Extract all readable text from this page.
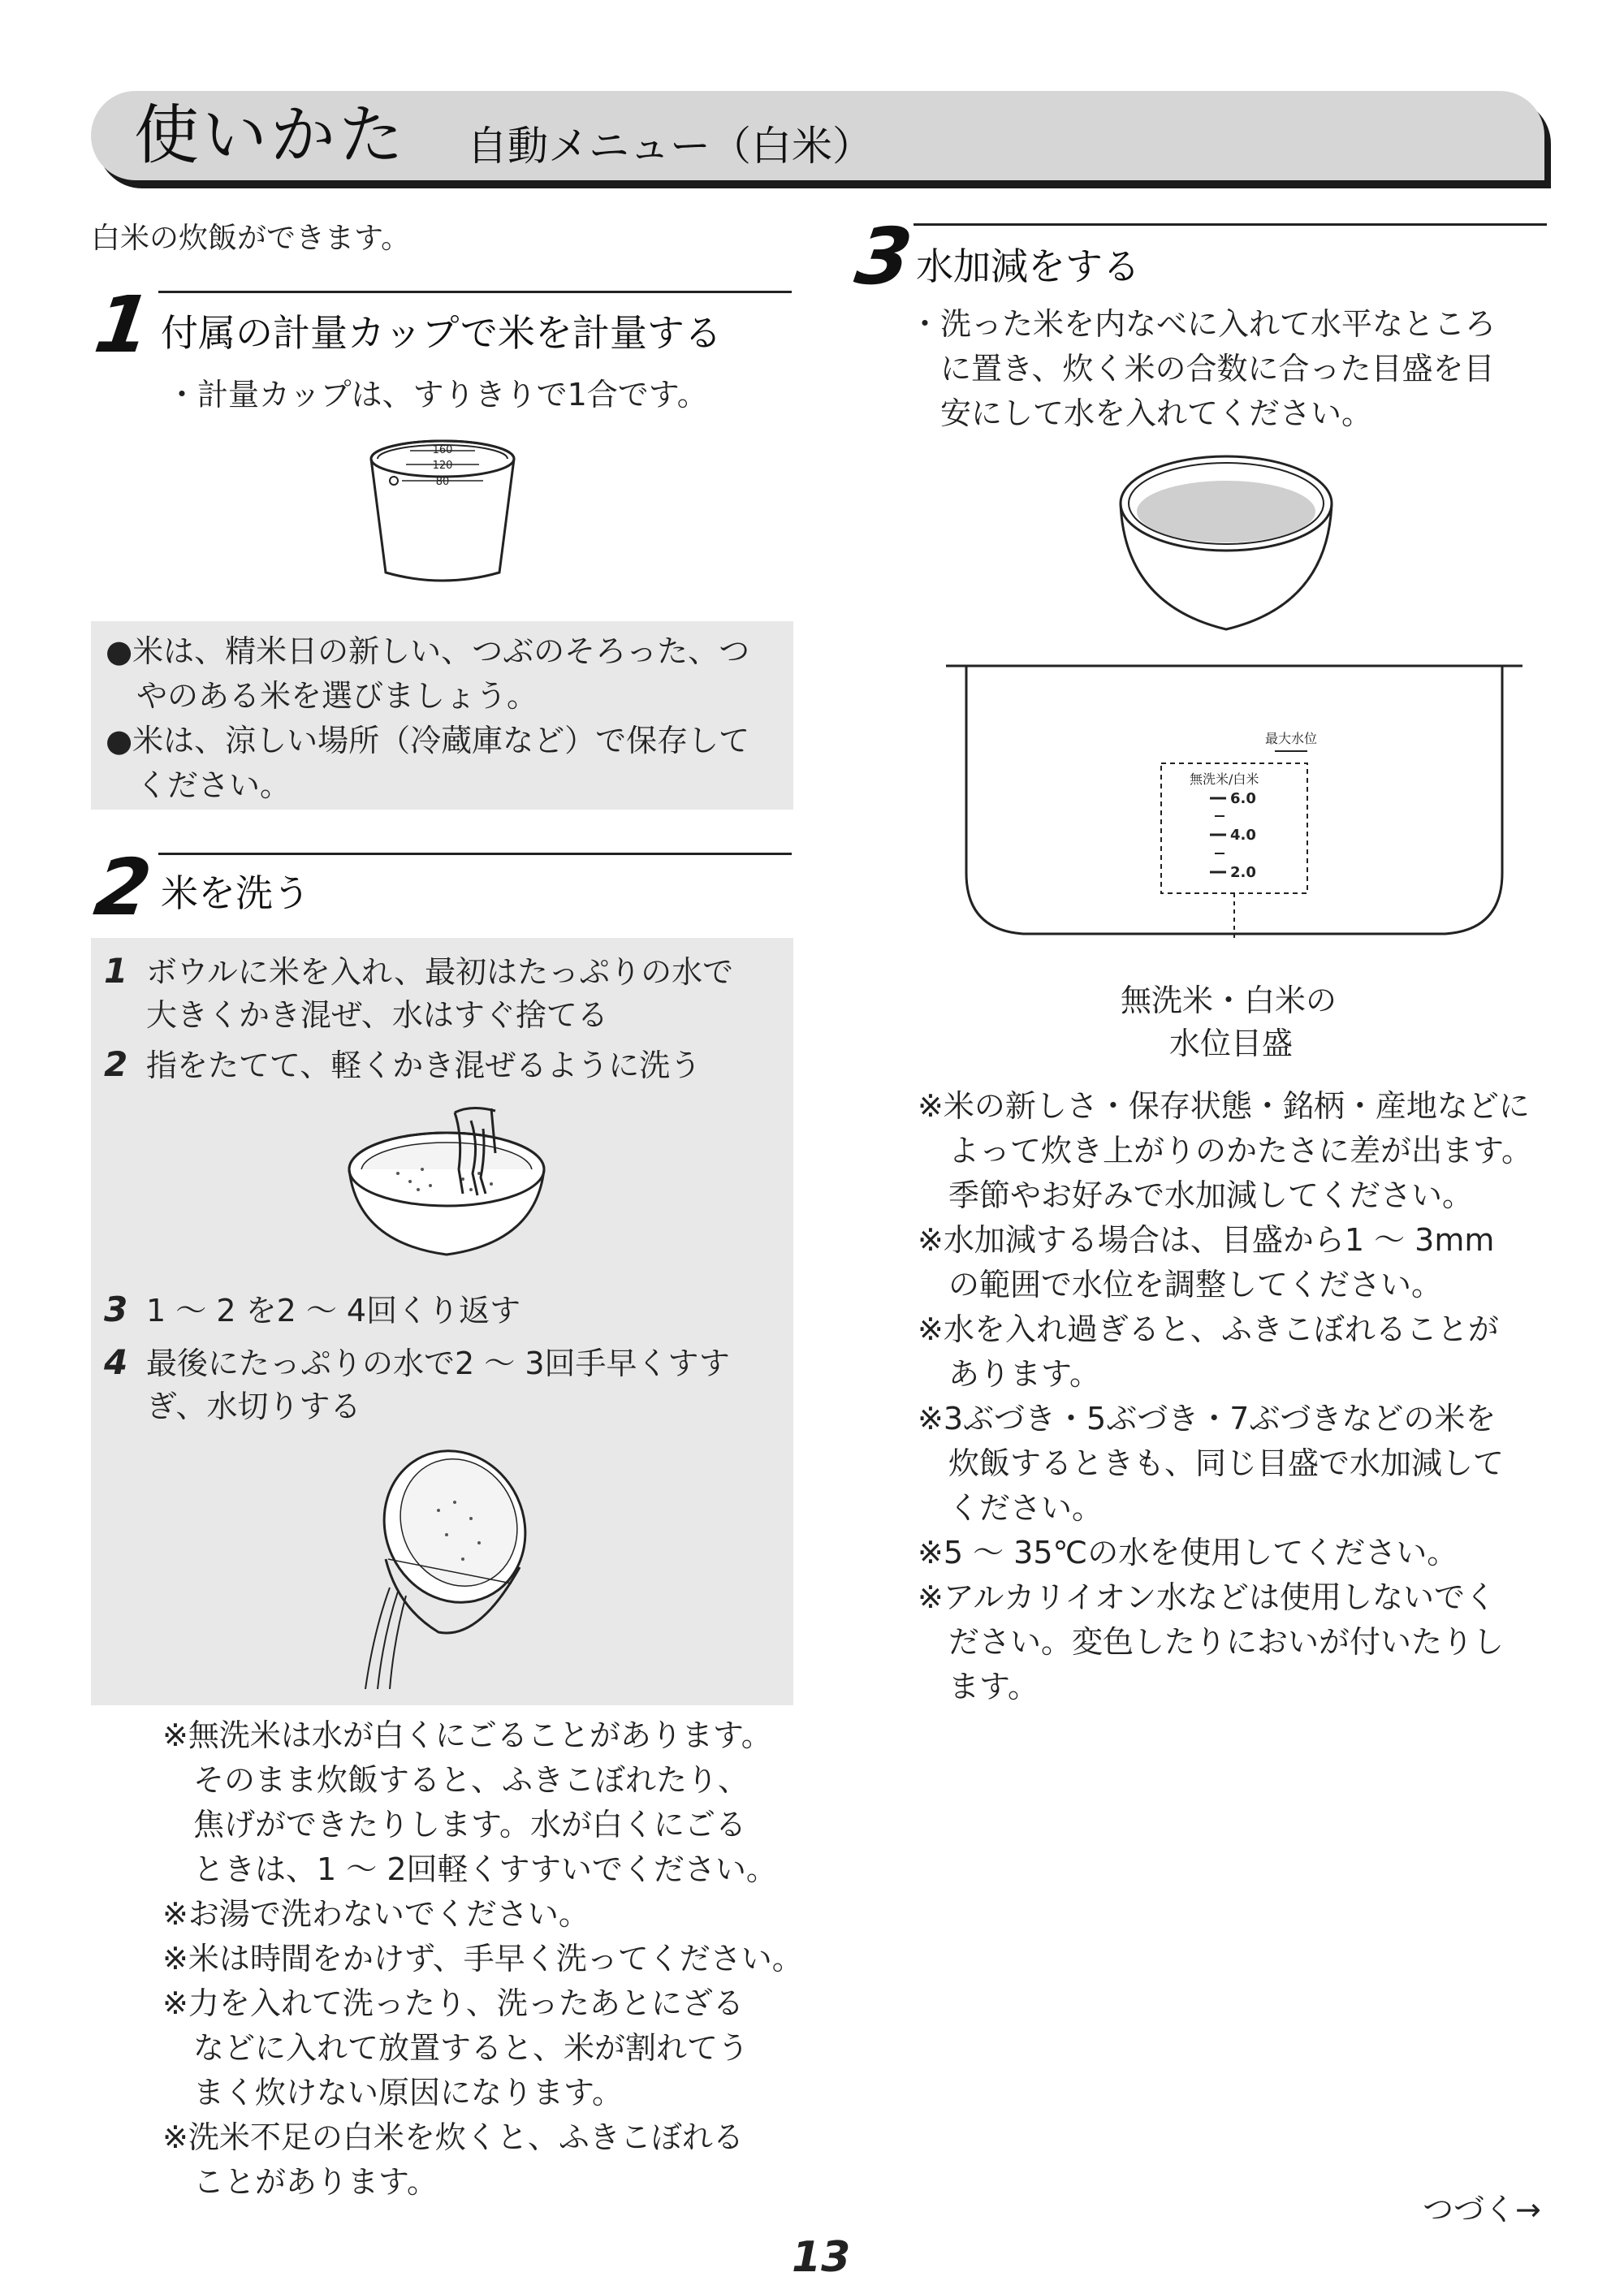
使いかた 自動メニュー（白米）
白米の炊飯ができます。
1 付属の計量カップで米を計量する
・計量カップは、すりきりで1合です。
160
120
80
●米は、精米日の新しい、つぶのそろった、つ
　やのある米を選びましょう。
●米は、涼しい場所（冷蔵庫など）で保存して
　ください。
2 米を洗う
1 ボウルに米を入れ、最初はたっぷりの水で
大きくかき混ぜ、水はすぐ捨てる
2 指をたてて、軽くかき混ぜるように洗う
3 1 ～ 2 を2 ～ 4回くり返す
4 最後にたっぷりの水で2 ～ 3回手早くすす
ぎ、水切りする
※無洗米は水が白くにごることがあります。
　そのまま炊飯すると、ふきこぼれたり、
　焦げができたりします。水が白くにごる
　ときは、1 ～ 2回軽くすすいでください。
※お湯で洗わないでください。
※米は時間をかけず、手早く洗ってください。
※力を入れて洗ったり、洗ったあとにざる
　などに入れて放置すると、米が割れてう
　まく炊けない原因になります。
※洗米不足の白米を炊くと、ふきこぼれる
　ことがあります。
3
水加減をする
・洗った米を内なべに入れて水平なところ
　に置き、炊く米の合数に合った目盛を目
　安にして水を入れてください。
最大水位
無洗米/白米
6.0
4.0
2.0
無洗米・白米の
水位目盛
※米の新しさ・保存状態・銘柄・産地などに
　よって炊き上がりのかたさに差が出ます。
　季節やお好みで水加減してください。
※水加減する場合は、目盛から1 ～ 3mm
　の範囲で水位を調整してください。
※水を入れ過ぎると、ふきこぼれることが
　あります。
※3ぶづき・5ぶづき・7ぶづきなどの米を
　炊飯するときも、同じ目盛で水加減して
　ください。
※5 ～ 35℃の水を使用してください。
※アルカリイオン水などは使用しないでく
　ださい。変色したりにおいが付いたりし
　ます。
つづく→
13
